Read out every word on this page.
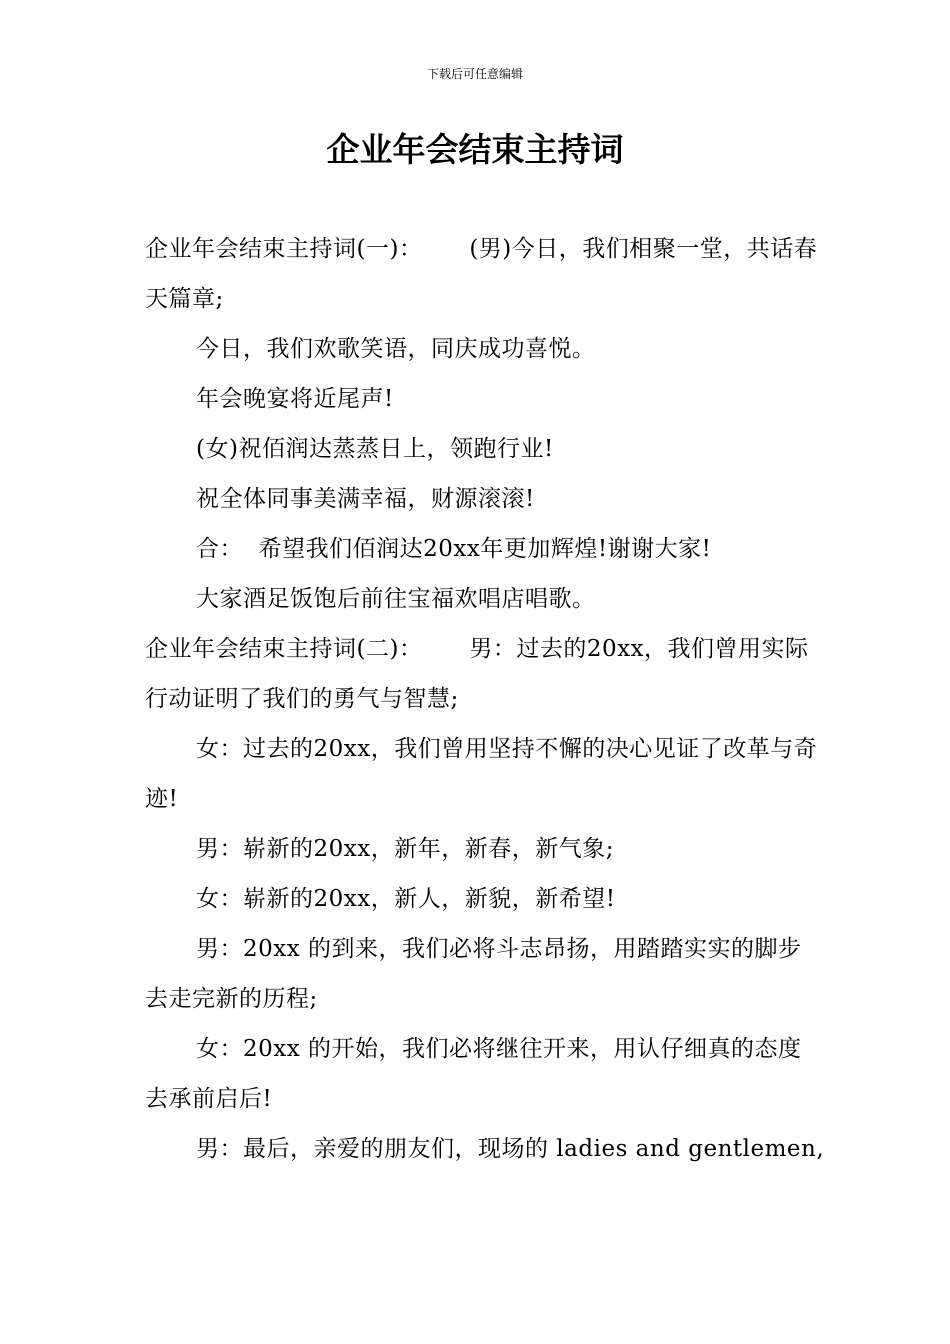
下载后可任意编辑
企业年会结束主持词

企业年会结束主持词(一)：      (男)今日，我们相聚一堂，共话春天篇章;

今日，我们欢歌笑语，同庆成功喜悦。

年会晚宴将近尾声!

(女)祝佰润达蒸蒸日上，领跑行业!

祝全体同事美满幸福，财源滚滚!

合：  希望我们佰润达20xx年更加辉煌!谢谢大家!

大家酒足饭饱后前往宝福欢唱店唱歌。

企业年会结束主持词(二)：      男：过去的20xx，我们曾用实际行动证明了我们的勇气与智慧;

女：过去的20xx，我们曾用坚持不懈的决心见证了改革与奇迹!

男：崭新的20xx，新年，新春，新气象;

女：崭新的20xx，新人，新貌，新希望!

男：20xx 的到来，我们必将斗志昂扬，用踏踏实实的脚步去走完新的历程;

女：20xx 的开始，我们必将继往开来，用认仔细真的态度去承前启后!

男：最后，亲爱的朋友们，现场的 ladies and gentlemen,
